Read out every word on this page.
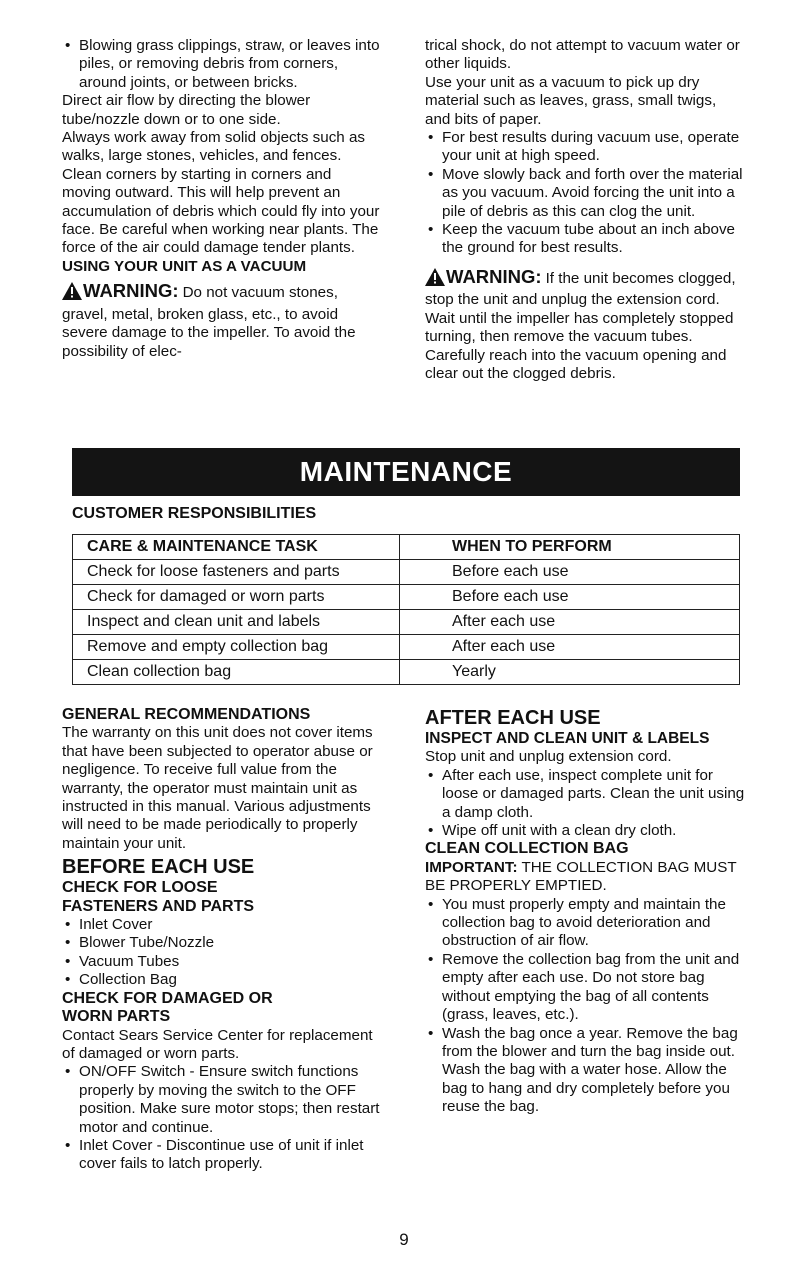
• Blowing grass clippings, straw, or leaves into piles, or removing debris from corners, around joints, or between bricks.

Direct air flow by directing the blower tube/nozzle down or to one side.

Always work away from solid objects such as walks, large stones, vehicles, and fences.

Clean corners by starting in corners and moving outward. This will help prevent an accumulation of debris which could fly into your face. Be careful when working near plants. The force of the air could damage tender plants.

USING YOUR UNIT AS A VACUUM

WARNING: Do not vacuum stones, gravel, metal, broken glass, etc., to avoid severe damage to the impeller. To avoid the possibility of elec-

trical shock, do not attempt to vacuum water or other liquids.

Use your unit as a vacuum to pick up dry material such as leaves, grass, small twigs, and bits of paper.

• For best results during vacuum use, operate your unit at high speed.

• Move slowly back and forth over the material as you vacuum. Avoid forcing the unit into a pile of debris as this can clog the unit.

• Keep the vacuum tube about an inch above the ground for best results.

WARNING: If the unit becomes clogged, stop the unit and unplug the extension cord. Wait until the impeller has completely stopped turning, then remove the vacuum tubes. Carefully reach into the vacuum opening and clear out the clogged debris.

MAINTENANCE
CUSTOMER RESPONSIBILITIES
CARE & MAINTENANCE TASK	WHEN TO PERFORM
Check for loose fasteners and parts	Before each use
Check for damaged or worn parts	Before each use
Inspect and clean unit and labels	After each use
Remove and empty collection bag	After each use
Clean collection bag	Yearly

GENERAL RECOMMENDATIONS

The warranty on this unit does not cover items that have been subjected to operator abuse or negligence. To receive full value from the warranty, the operator must maintain unit as instructed in this manual. Various adjustments will need to be made periodically to properly maintain your unit.

BEFORE EACH USE

CHECK FOR LOOSE FASTENERS AND PARTS

• Inlet Cover

• Blower Tube/Nozzle

• Vacuum Tubes

• Collection Bag

CHECK FOR DAMAGED OR WORN PARTS

Contact Sears Service Center for replacement of damaged or worn parts.

• ON/OFF Switch - Ensure switch functions properly by moving the switch to the OFF position. Make sure motor stops; then restart motor and continue.

• Inlet Cover - Discontinue use of unit if inlet cover fails to latch properly.

AFTER EACH USE

INSPECT AND CLEAN UNIT & LABELS

Stop unit and unplug extension cord.

• After each use, inspect complete unit for loose or damaged parts. Clean the unit using a damp cloth.

• Wipe off unit with a clean dry cloth.

CLEAN COLLECTION BAG

IMPORTANT: THE COLLECTION BAG MUST BE PROPERLY EMPTIED.

• You must properly empty and maintain the collection bag to avoid deterioration and obstruction of air flow.

• Remove the collection bag from the unit and empty after each use. Do not store bag without emptying the bag of all contents (grass, leaves, etc.).

• Wash the bag once a year. Remove the bag from the blower and turn the bag inside out. Wash the bag with a water hose. Allow the bag to hang and dry completely before you reuse the bag.

9
